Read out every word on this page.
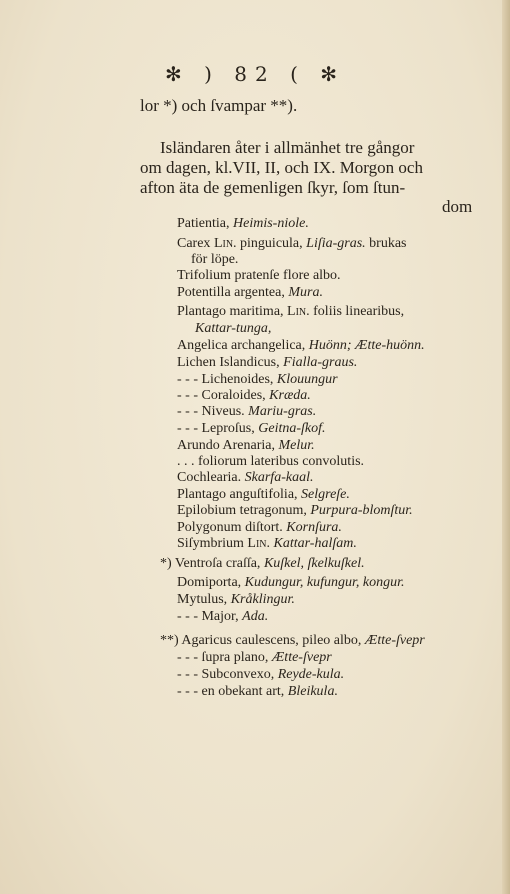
✻ ) 82 ( ✻
lor *) och ſvampar **).
Isländaren åter i allmänhet tre gångor
om dagen, kl.VII, II, och IX. Morgon och
afton äta de gemenligen ſkyr, ſom ſtun-
dom
Patientia, Heimis-niole.
Carex Lin. pinguicula, Liſia-gras. brukas
för löpe.
Trifolium pratenſe flore albo.
Potentilla argentea, Mura.
Plantago maritima, Lin. foliis linearibus,
Kattar-tunga,
Angelica archangelica, Huönn; Ætte-huönn.
Lichen Islandicus, Fialla-graus.
- - - Lichenoides, Klouungur
- - - Coraloides, Kræda.
- - - Niveus. Mariu-gras.
- - - Leproſus, Geitna-ſkof.
Arundo Arenaria, Melur.
. . . foliorum lateribus convolutis.
Cochlearia. Skarfa-kaal.
Plantago anguſtifolia, Selgreſe.
Epilobium tetragonum, Purpura-blomſtur.
Polygonum diſtort. Kornſura.
Siſymbrium Lin. Kattar-halſam.
*) Ventroſa craſſa, Kuſkel, ſkelkuſkel.
Domiporta, Kudungur, kufungur, kongur.
Mytulus, Kråklingur.
- - - Major, Ada.
**) Agaricus caulescens, pileo albo, Ætte-ſvepr
- - - ſupra plano, Ætte-ſvepr
- - - Subconvexo, Reyde-kula.
- - - en obekant art, Bleikula.
